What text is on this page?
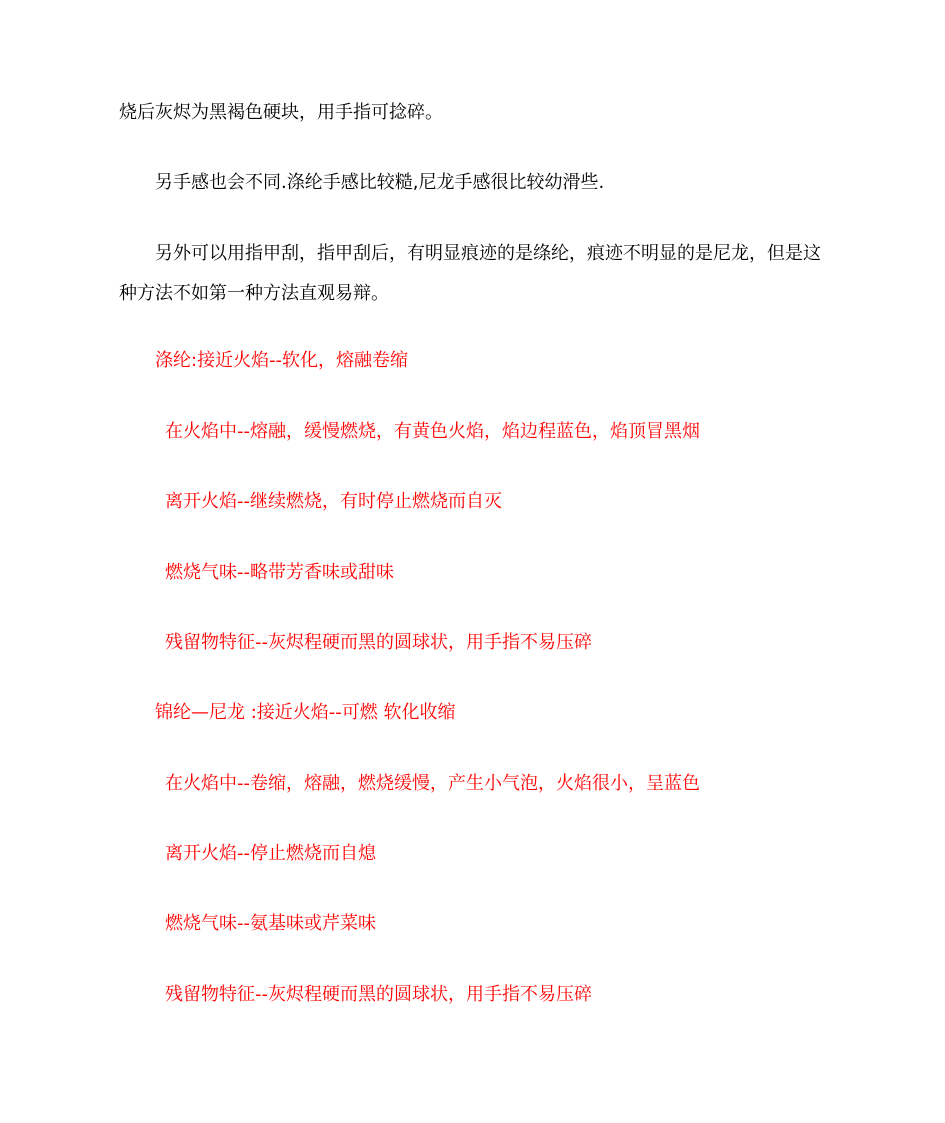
烧后灰烬为黑褐色硬块，用手指可捻碎。
另手感也会不同.涤纶手感比较糙,尼龙手感很比较幼滑些.
另外可以用指甲刮，指甲刮后，有明显痕迹的是绦纶，痕迹不明显的是尼龙，但是这
种方法不如第一种方法直观易辩。
涤纶:接近火焰--软化，熔融卷缩
在火焰中--熔融，缓慢燃烧，有黄色火焰，焰边程蓝色，焰顶冒黑烟
离开火焰--继续燃烧，有时停止燃烧而自灭
燃烧气味--略带芳香味或甜味
残留物特征--灰烬程硬而黑的圆球状，用手指不易压碎
锦纶—尼龙 :接近火焰--可燃 软化收缩
在火焰中--卷缩，熔融，燃烧缓慢，产生小气泡，火焰很小，呈蓝色
离开火焰--停止燃烧而自熄
燃烧气味--氨基味或芹菜味
残留物特征--灰烬程硬而黑的圆球状，用手指不易压碎
